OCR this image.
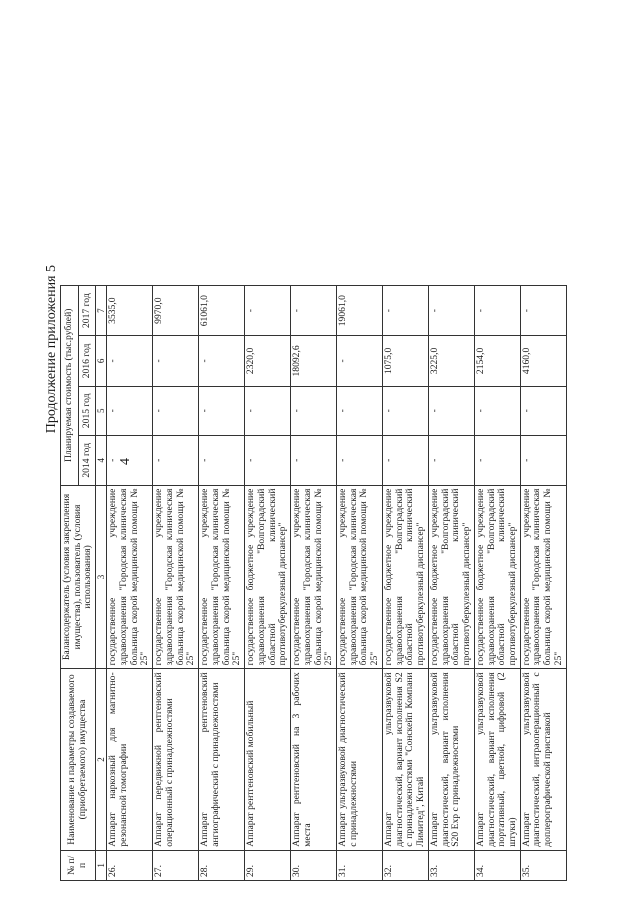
4
Продолжение приложения 5
№ п/п	Наименование и параметры создаваемого (приобретаемого) имущества	Балансодержатель (условия закрепления имущества), пользователь (условия использования)	Планируемая стоимость (тыс.рублей)			
			2014 год	2015 год	2016 год	2017 год
1	2	3	4	5	6	7
26.	Аппарат наркозный для магнитно-резонансной томографии	государственное учреждение здравоохранения "Городская клиническая больница скорой медицинской помощи № 25"	-	-	-	3535,0
27.	Аппарат передвижной рентгеновский операционный с принадлежностями	государственное учреждение здравоохранения "Городская клиническая больница скорой медицинской помощи № 25"	-	-	-	9970,0
28.	Аппарат рентгеновский ангиографический с принадлежностями	государственное учреждение здравоохранения "Городская клиническая больница скорой медицинской помощи № 25"	-	-	-	61061,0
29.	Аппарат рентгеновский мобильный	государственное бюджетное учреждение здравоохранения "Волгоградский областной клинический противотуберкулезный диспансер"	-	-	2320,0	-
30.	Аппарат рентгеновский на 3 рабочих места	государственное учреждение здравоохранения "Городская клиническая больница скорой медицинской помощи № 25"	-	-	18092,6	-
31.	Аппарат ультразвуковой диагностический с принадлежностями	государственное учреждение здравоохранения "Городская клиническая больница скорой медицинской помощи № 25"	-	-	-	19061,0
32.	Аппарат ультразвуковой диагностический, вариант исполнения S2 с принадлежностями "Сонскейп Компани Лимитед", Китай	государственное бюджетное учреждение здравоохранения "Волгоградский областной клинический противотуберкулезный диспансер"	-	-	1075,0	-
33.	Аппарат ультразвуковой диагностический, вариант исполнения S20 Exp с принадлежностями	государственное бюджетное учреждение здравоохранения "Волгоградский областной клинический противотуберкулезный диспансер"	-	-	3225,0	-
34.	Аппарат ультразвуковой диагностический, вариант исполнения портативный, цветной, цифровой (2 штуки)	государственное бюджетное учреждение здравоохранения "Волгоградский областной клинический противотуберкулезный диспансер"	-	-	2154,0	-
35.	Аппарат ультразвуковой диагностический, интраоперационный с доплерографической приставкой	государственное учреждение здравоохранения "Городская клиническая больница скорой медицинской помощи № 25"	-	-	4160,0	-
